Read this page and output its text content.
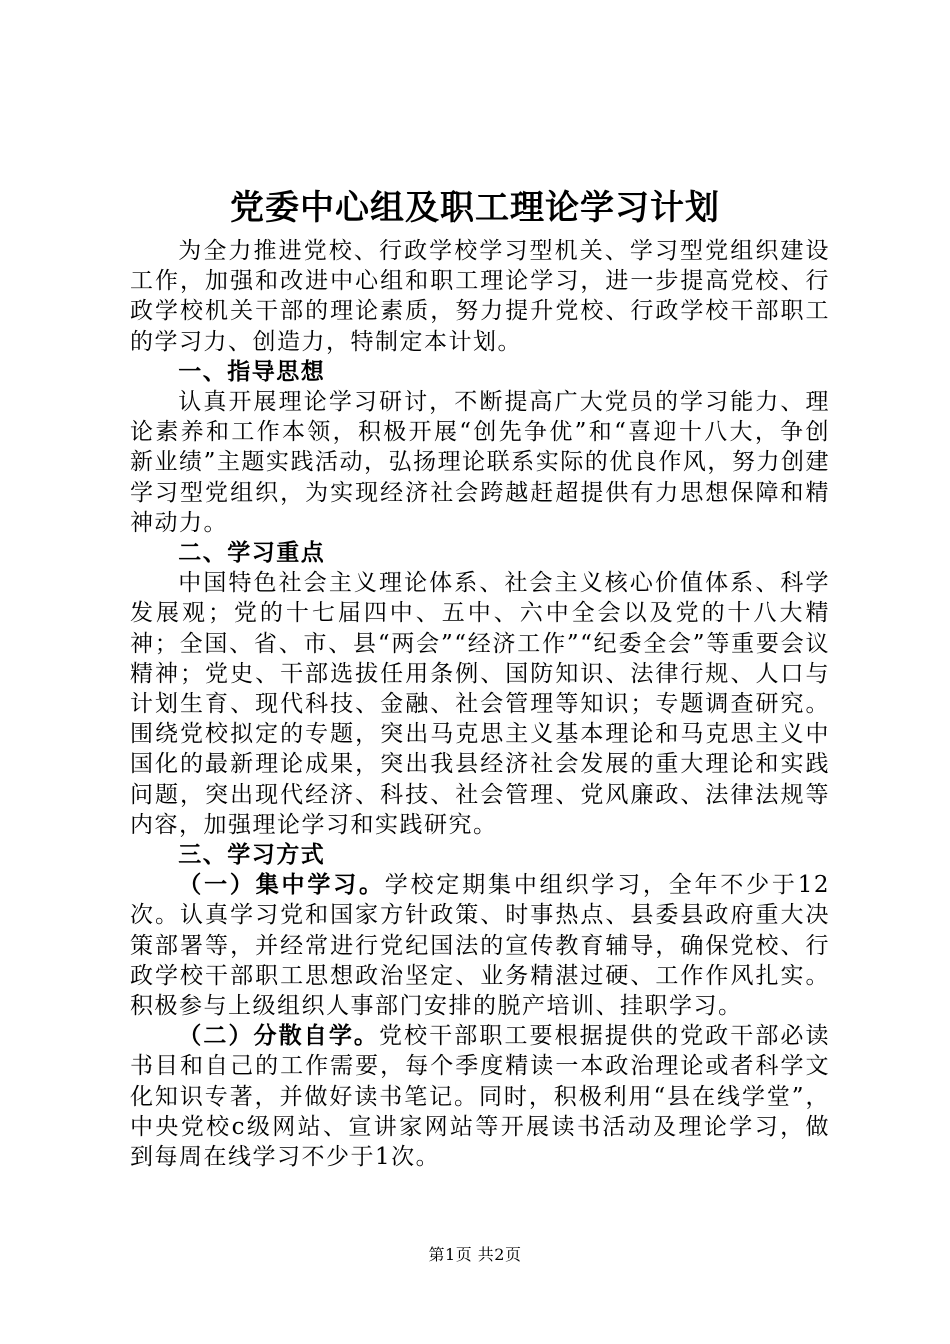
党委中心组及职工理论学习计划

为全力推进党校、行政学校学习型机关、学习型党组织建设工作，加强和改进中心组和职工理论学习，进一步提高党校、行政学校机关干部的理论素质，努力提升党校、行政学校干部职工的学习力、创造力，特制定本计划。

一、指导思想

认真开展理论学习研讨，不断提高广大党员的学习能力、理论素养和工作本领，积极开展“创先争优”和“喜迎十八大，争创新业绩”主题实践活动，弘扬理论联系实际的优良作风，努力创建学习型党组织，为实现经济社会跨越赶超提供有力思想保障和精神动力。

二、学习重点

中国特色社会主义理论体系、社会主义核心价值体系、科学发展观；党的十七届四中、五中、六中全会以及党的十八大精神；全国、省、市、县“两会”“经济工作”“纪委全会”等重要会议精神；党史、干部选拔任用条例、国防知识、法律行规、人口与计划生育、现代科技、金融、社会管理等知识；专题调查研究。围绕党校拟定的专题，突出马克思主义基本理论和马克思主义中国化的最新理论成果，突出我县经济社会发展的重大理论和实践问题，突出现代经济、科技、社会管理、党风廉政、法律法规等内容，加强理论学习和实践研究。

三、学习方式

（一）集中学习。学校定期集中组织学习，全年不少于12次。认真学习党和国家方针政策、时事热点、县委县政府重大决策部署等，并经常进行党纪国法的宣传教育辅导，确保党校、行政学校干部职工思想政治坚定、业务精湛过硬、工作作风扎实。积极参与上级组织人事部门安排的脱产培训、挂职学习。

（二）分散自学。党校干部职工要根据提供的党政干部必读书目和自己的工作需要，每个季度精读一本政治理论或者科学文化知识专著，并做好读书笔记。同时，积极利用“县在线学堂”，中央党校c级网站、宣讲家网站等开展读书活动及理论学习，做到每周在线学习不少于1次。

第1页 共2页
